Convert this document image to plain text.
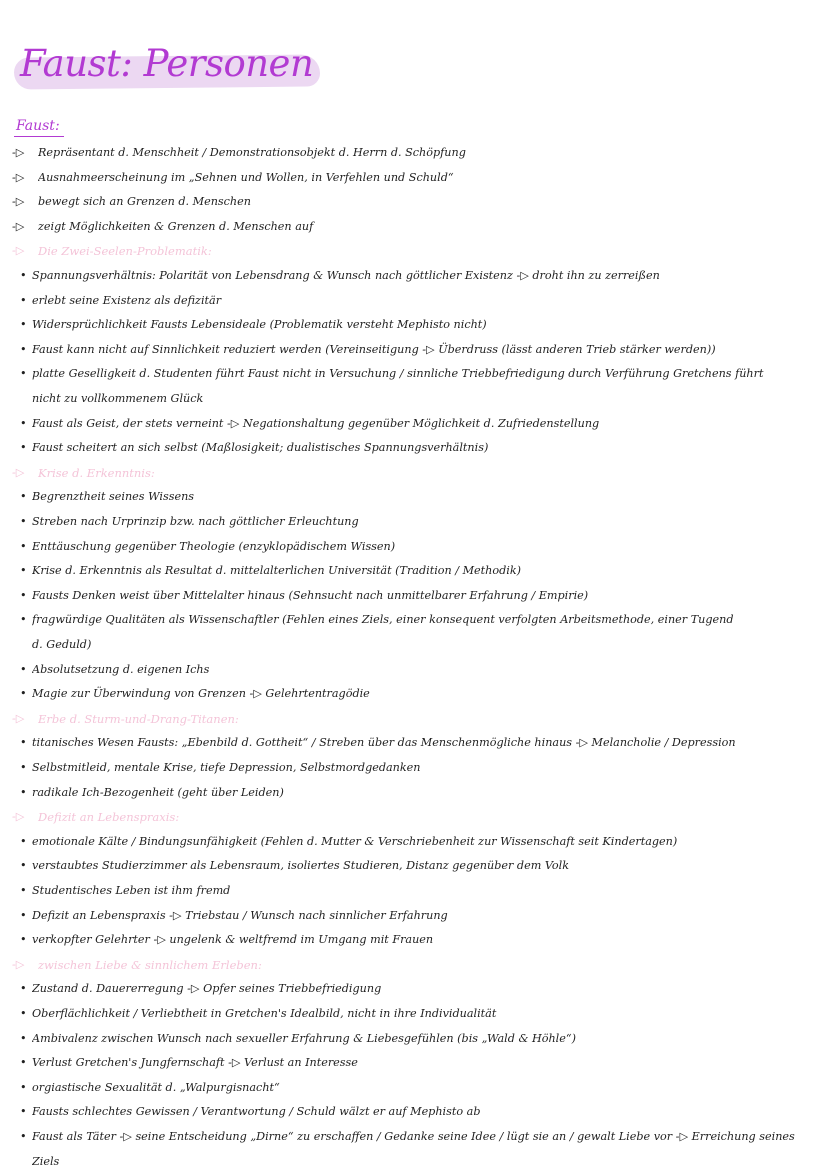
Faust: Personen
Faust:
-▷ Repräsentant d. Menschheit / Demonstrationsobjekt d. Herrn d. Schöpfung
-▷ Ausnahmeerscheinung im „Sehnen und Wollen, in Verfehlen und Schuld“
-▷ bewegt sich an Grenzen d. Menschen
-▷ zeigt Möglichkeiten & Grenzen d. Menschen auf
-▷ Die Zwei-Seelen-Problematik:
• Spannungsverhältnis: Polarität von Lebensdrang & Wunsch nach göttlicher Existenz -▷ droht ihn zu zerreißen
• erlebt seine Existenz als defizitär
• Widersprüchlichkeit Fausts Lebensideale (Problematik versteht Mephisto nicht)
• Faust kann nicht auf Sinnlichkeit reduziert werden (Vereinseitigung -▷ Überdruss (lässt anderen Trieb stärker werden))
• platte Geselligkeit d. Studenten führt Faust nicht in Versuchung / sinnliche Triebbefriedigung durch Verführung Gretchens führt
nicht zu vollkommenem Glück
• Faust als Geist, der stets verneint -▷ Negationshaltung gegenüber Möglichkeit d. Zufriedenstellung
• Faust scheitert an sich selbst (Maßlosigkeit; dualistisches Spannungsverhältnis)
-▷ Krise d. Erkenntnis:
• Begrenztheit seines Wissens
• Streben nach Urprinzip bzw. nach göttlicher Erleuchtung
• Enttäuschung gegenüber Theologie (enzyklopädischem Wissen)
• Krise d. Erkenntnis als Resultat d. mittelalterlichen Universität (Tradition / Methodik)
• Fausts Denken weist über Mittelalter hinaus (Sehnsucht nach unmittelbarer Erfahrung / Empirie)
• fragwürdige Qualitäten als Wissenschaftler (Fehlen eines Ziels, einer konsequent verfolgten Arbeitsmethode, einer Tugend
d. Geduld)
• Absolutsetzung d. eigenen Ichs
• Magie zur Überwindung von Grenzen -▷ Gelehrtentragödie
-▷ Erbe d. Sturm-und-Drang-Titanen:
• titanisches Wesen Fausts: „Ebenbild d. Gottheit“ / Streben über das Menschenmögliche hinaus -▷ Melancholie / Depression
• Selbstmitleid, mentale Krise, tiefe Depression, Selbstmordgedanken
• radikale Ich-Bezogenheit (geht über Leiden)
-▷ Defizit an Lebenspraxis:
• emotionale Kälte / Bindungsunfähigkeit (Fehlen d. Mutter & Verschriebenheit zur Wissenschaft seit Kindertagen)
• verstaubtes Studierzimmer als Lebensraum, isoliertes Studieren, Distanz gegenüber dem Volk
• Studentisches Leben ist ihm fremd
• Defizit an Lebenspraxis -▷ Triebstau / Wunsch nach sinnlicher Erfahrung
• verkopfter Gelehrter -▷ ungelenk & weltfremd im Umgang mit Frauen
-▷ zwischen Liebe & sinnlichem Erleben:
• Zustand d. Dauererregung -▷ Opfer seines Triebbefriedigung
• Oberflächlichkeit / Verliebtheit in Gretchen's Idealbild, nicht in ihre Individualität
• Ambivalenz zwischen Wunsch nach sexueller Erfahrung & Liebesgefühlen (bis „Wald & Höhle“)
• Verlust Gretchen's Jungfernschaft -▷ Verlust an Interesse
• orgiastische Sexualität d. „Walpurgisnacht“
• Fausts schlechtes Gewissen / Verantwortung / Schuld wälzt er auf Mephisto ab
• Faust als Täter -▷ seine Entscheidung „Dirne“ zu erschaffen / Gedanke seine Idee / lügt sie an / gewalt Liebe vor -▷ Erreichung seines
Ziels
